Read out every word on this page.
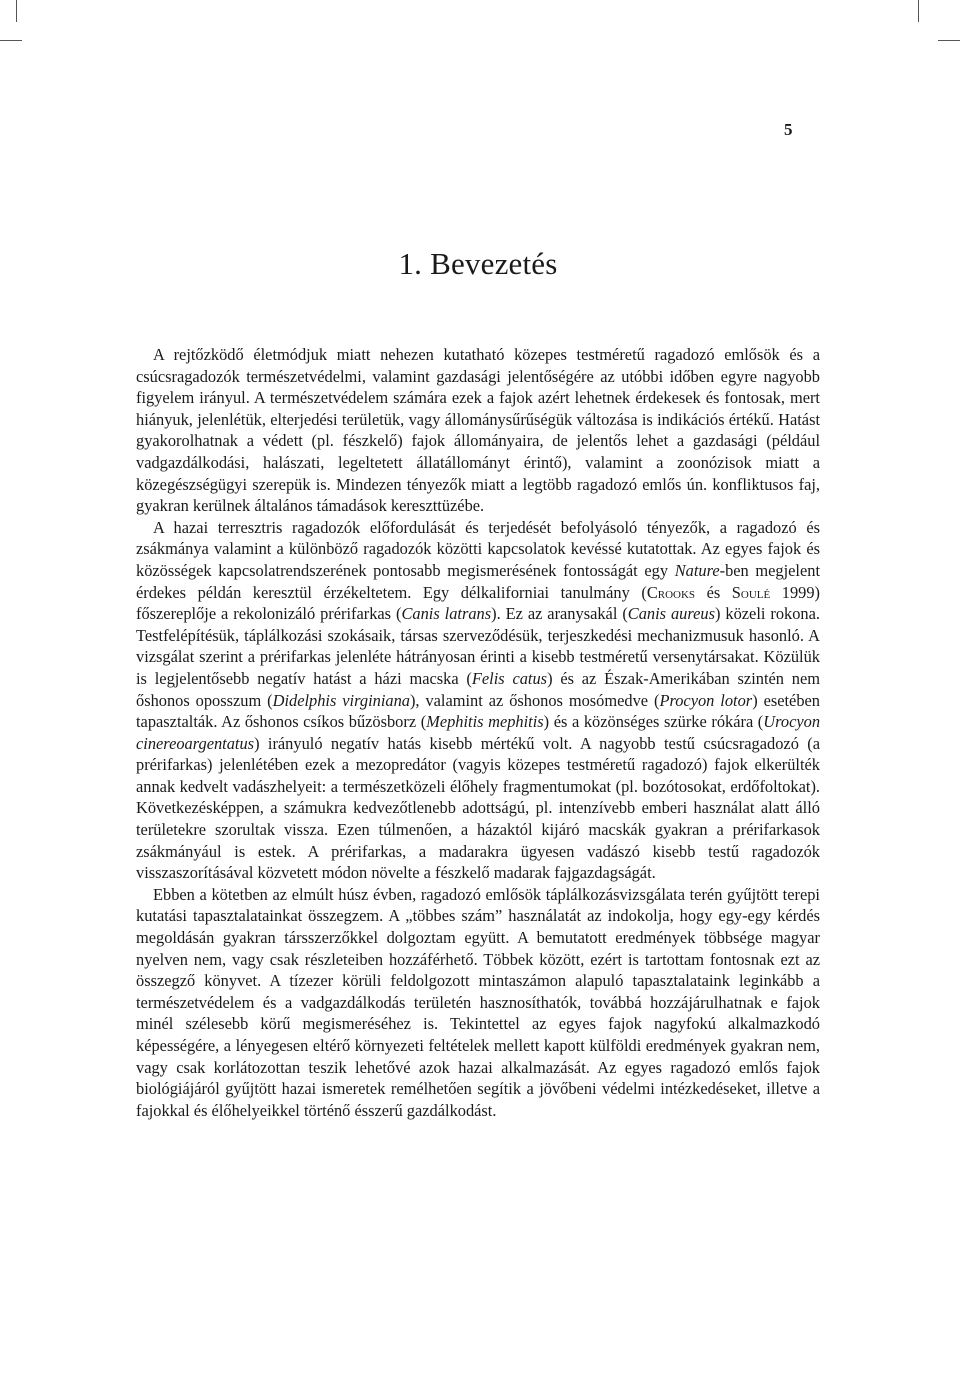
5
1. Bevezetés

A rejtőzködő életmódjuk miatt nehezen kutatható közepes testméretű ragadozó emlősök és a csúcsragadozók természetvédelmi, valamint gazdasági jelentőségére az utóbbi időben egyre nagyobb figyelem irányul. A természetvédelem számára ezek a fajok azért lehetnek érdekesek és fontosak, mert hiányuk, jelenlétük, elterjedési területük, vagy állománysűrűségük változása is indikációs értékű. Hatást gyakorolhatnak a védett (pl. fészkelő) fajok állományaira, de jelentős lehet a gazdasági (például vadgazdálkodási, halászati, legeltetett állatállományt érintő), valamint a zoonózisok miatt a közegészségügyi szerepük is. Mindezen tényezők miatt a legtöbb ragadozó emlős ún. konfliktusos faj, gyakran kerülnek általános támadások kereszttüzébe.

A hazai terresztris ragadozók előfordulását és terjedését befolyásoló tényezők, a ragadozó és zsákmánya valamint a különböző ragadozók közötti kapcsolatok kevéssé kutatottak. Az egyes fajok és közösségek kapcsolatrendszerének pontosabb megismerésének fontosságát egy Nature-ben megjelent érdekes példán keresztül érzékeltetem. Egy délkaliforniai tanulmány (Crooks és Soulé 1999) főszereplője a rekolonizáló prérifarkas (Canis latrans). Ez az aranysakál (Canis aureus) közeli rokona. Testfelépítésük, táplálkozási szokásaik, társas szerveződésük, terjeszkedési mechanizmusuk hasonló. A vizsgálat szerint a prérifarkas jelenléte hátrányosan érinti a kisebb testméretű versenytársakat. Közülük is legjelentősebb negatív hatást a házi macska (Felis catus) és az Észak-Amerikában szintén nem őshonos oposszum (Didelphis virginiana), valamint az őshonos mosómedve (Procyon lotor) esetében tapasztalták. Az őshonos csíkos bűzösborz (Mephitis mephitis) és a közönséges szürke rókára (Urocyon cinereoargentatus) irányuló negatív hatás kisebb mértékű volt. A nagyobb testű csúcsragadozó (a prérifarkas) jelenlétében ezek a mezopredátor (vagyis közepes testméretű ragadozó) fajok elkerülték annak kedvelt vadászhelyeit: a természetközeli élőhely fragmentumokat (pl. bozótosokat, erdőfoltokat). Következésképpen, a számukra kedvezőtlenebb adottságú, pl. intenzívebb emberi használat alatt álló területekre szorultak vissza. Ezen túlmenően, a házaktól kijáró macskák gyakran a prérifarkasok zsákmányául is estek. A prérifarkas, a madarakra ügyesen vadászó kisebb testű ragadozók visszaszorításával közvetett módon növelte a fészkelő madarak fajgazdagságát.

Ebben a kötetben az elmúlt húsz évben, ragadozó emlősök táplálkozásvizsgálata terén gyűjtött terepi kutatási tapasztalatainkat összegzem. A „többes szám” használatát az indokolja, hogy egy-egy kérdés megoldásán gyakran társszerzőkkel dolgoztam együtt. A bemutatott eredmények többsége magyar nyelven nem, vagy csak részleteiben hozzáférhető. Többek között, ezért is tartottam fontosnak ezt az összegző könyvet. A tízezer körüli feldolgozott mintaszámon alapuló tapasztalataink leginkább a természetvédelem és a vadgazdálkodás területén hasznosíthatók, továbbá hozzájárulhatnak e fajok minél szélesebb körű megismeréséhez is. Tekintettel az egyes fajok nagyfokú alkalmazkodó képességére, a lényegesen eltérő környezeti feltételek mellett kapott külföldi eredmények gyakran nem, vagy csak korlátozottan teszik lehetővé azok hazai alkalmazását. Az egyes ragadozó emlős fajok biológiájáról gyűjtött hazai ismeretek remélhetően segítik a jövőbeni védelmi intézkedéseket, illetve a fajokkal és élőhelyeikkel történő ésszerű gazdálkodást.
